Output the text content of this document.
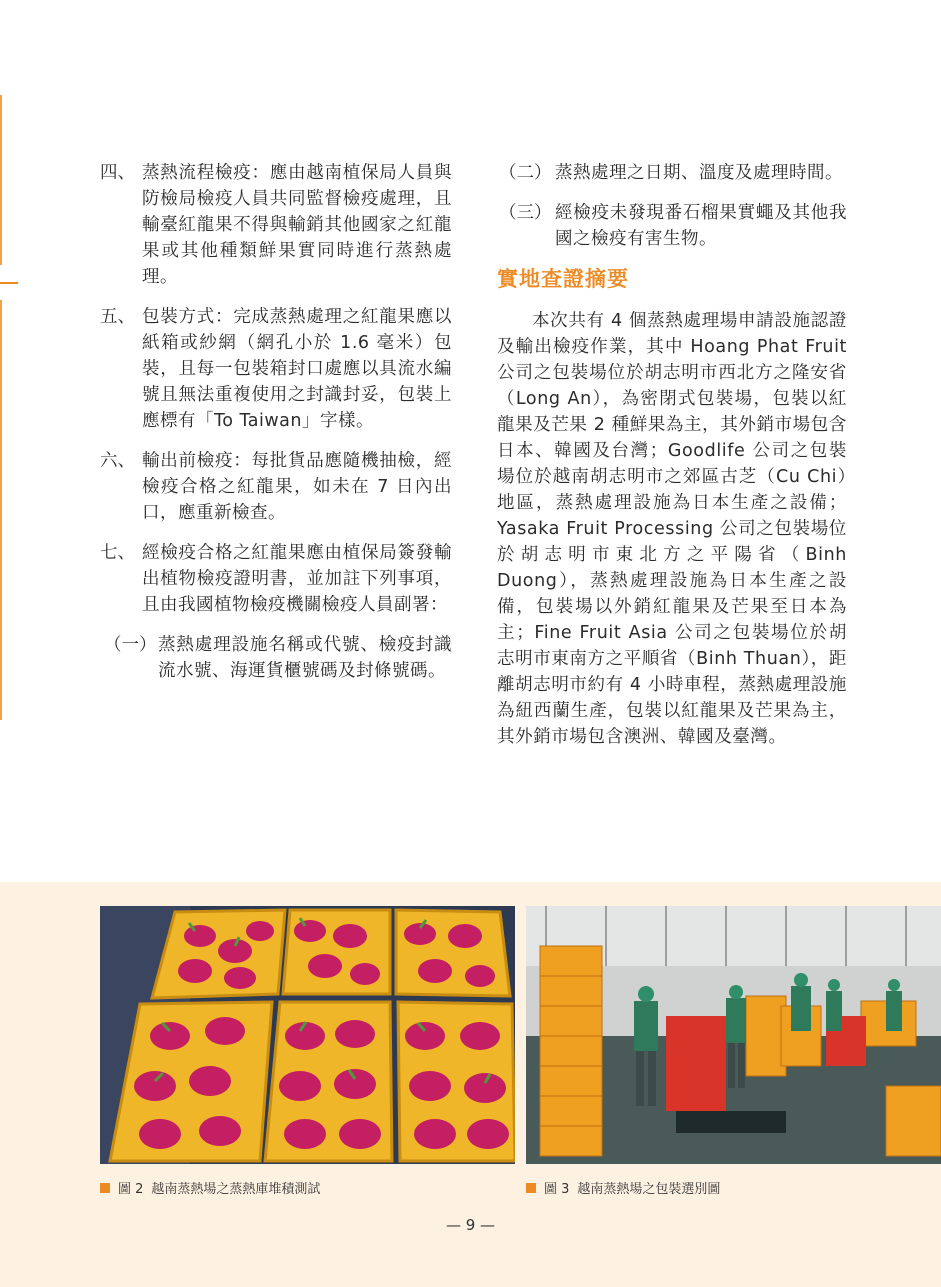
四、 蒸熱流程檢疫：應由越南植保局人員與防檢局檢疫人員共同監督檢疫處理，且輸臺紅龍果不得與輸銷其他國家之紅龍果或其他種類鮮果實同時進行蒸熱處理。
五、 包裝方式：完成蒸熱處理之紅龍果應以紙箱或紗網（網孔小於 1.6 毫米）包裝，且每一包裝箱封口處應以具流水編號且無法重複使用之封識封妥，包裝上應標有「To Taiwan」字樣。
六、 輸出前檢疫：每批貨品應隨機抽檢，經檢疫合格之紅龍果，如未在 7 日內出口，應重新檢查。
七、 經檢疫合格之紅龍果應由植保局簽發輸出植物檢疫證明書，並加註下列事項，且由我國植物檢疫機關檢疫人員副署：
（一） 蒸熱處理設施名稱或代號、檢疫封識流水號、海運貨櫃號碼及封條號碼。
（二） 蒸熱處理之日期、溫度及處理時間。
（三） 經檢疫未發現番石榴果實蠅及其他我國之檢疫有害生物。
實地查證摘要
本次共有 4 個蒸熱處理場申請設施認證及輸出檢疫作業，其中 Hoang Phat Fruit 公司之包裝場位於胡志明市西北方之隆安省（Long An），為密閉式包裝場，包裝以紅龍果及芒果 2 種鮮果為主，其外銷市場包含日本、韓國及台灣；Goodlife 公司之包裝場位於越南胡志明市之郊區古芝（Cu Chi）地區，蒸熱處理設施為日本生產之設備；Yasaka Fruit Processing 公司之包裝場位於胡志明市東北方之平陽省（Binh Duong），蒸熱處理設施為日本生產之設備，包裝場以外銷紅龍果及芒果至日本為主；Fine Fruit Asia 公司之包裝場位於胡志明市東南方之平順省（Binh Thuan），距離胡志明市約有 4 小時車程，蒸熱處理設施為紐西蘭生產，包裝以紅龍果及芒果為主，其外銷市場包含澳洲、韓國及臺灣。
圖 2 越南蒸熱場之蒸熱庫堆積測試	圖 3 越南蒸熱場之包裝選別圖
— 9 —
